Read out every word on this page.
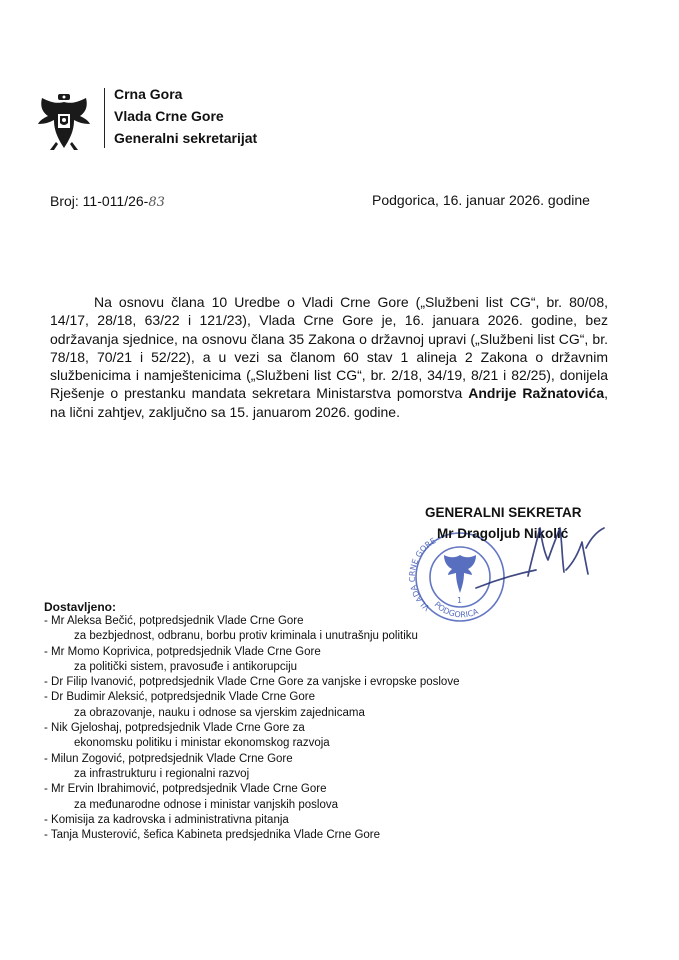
Crna Gora
Vlada Crne Gore
Generalni sekretarijat
Broj: 11-011/26-83	Podgorica, 16. januar 2026. godine

Na osnovu člana 10 Uredbe o Vladi Crne Gore („Službeni list CG“, br. 80/08, 14/17, 28/18, 63/22 i 121/23), Vlada Crne Gore je, 16. januara 2026. godine, bez održavanja sjednice, na osnovu člana 35 Zakona o državnoj upravi („Službeni list CG“, br. 78/18, 70/21 i 52/22), a u vezi sa članom 60 stav 1 alineja 2 Zakona o državnim službenicima i namještenicima („Službeni list CG“, br. 2/18, 34/19, 8/21 i 82/25), donijela Rješenje o prestanku mandata sekretara Ministarstva pomorstva Andrije Ražnatovića, na lični zahtjev, zaključno sa 15. januarom 2026. godine.

VLADA CRNE GORE
PODGORICA
1
GENERALNI SEKRETAR
Mr Dragoljub Nikolić
Dostavljeno:
- Mr Aleksa Bečić, potpredsjednik Vlade Crne Gore
za bezbjednost, odbranu, borbu protiv kriminala i unutrašnju politiku
- Mr Momo Koprivica, potpredsjednik Vlade Crne Gore
za politički sistem, pravosuđe i antikorupciju
- Dr Filip Ivanović, potpredsjednik Vlade Crne Gore za vanjske i evropske poslove
- Dr Budimir Aleksić, potpredsjednik Vlade Crne Gore
za obrazovanje, nauku i odnose sa vjerskim zajednicama
- Nik Gjeloshaj, potpredsjednik Vlade Crne Gore za
ekonomsku politiku i ministar ekonomskog razvoja
- Milun Zogović, potpredsjednik Vlade Crne Gore
za infrastrukturu i regionalni razvoj
- Mr Ervin Ibrahimović, potpredsjednik Vlade Crne Gore
za međunarodne odnose i ministar vanjskih poslova
- Komisija za kadrovska i administrativna pitanja
- Tanja Musterović, šefica Kabineta predsjednika Vlade Crne Gore
